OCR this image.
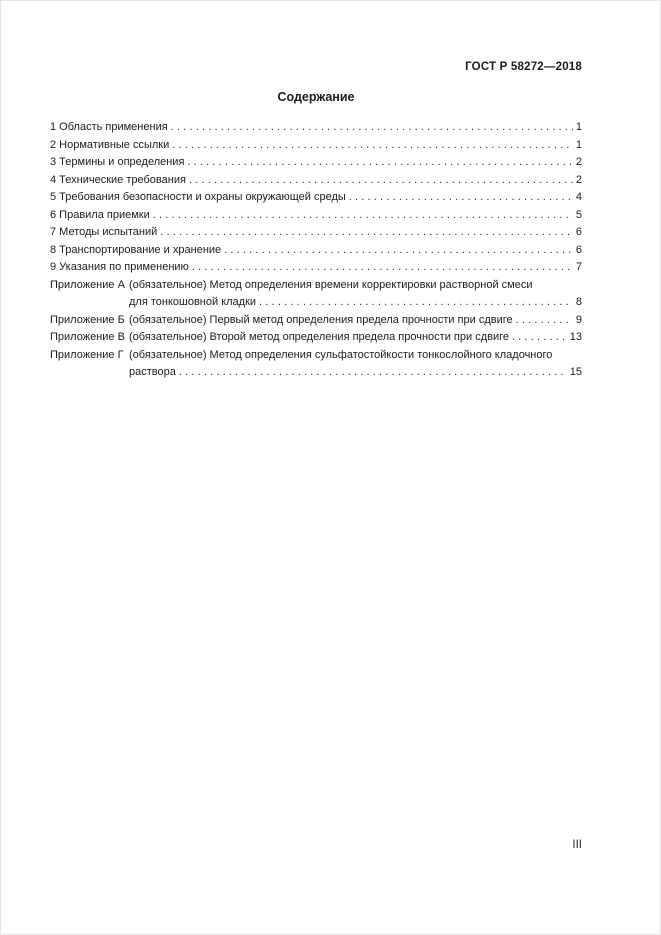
ГОСТ Р 58272—2018
Содержание
1 Область применения .....	1
2 Нормативные ссылки .....	1
3 Термины и определения .....	2
4 Технические требования .....	2
5 Требования безопасности и охраны окружающей среды .....	4
6 Правила приемки .....	5
7 Методы испытаний .....	6
8 Транспортирование и хранение .....	6
9 Указания по применению .....	7
Приложение А (обязательное) Метод определения времени корректировки растворной смеси
для тонкошовной кладки .....	8
Приложение Б (обязательное) Первый метод определения предела прочности при сдвиге .....	9
Приложение В (обязательное) Второй метод определения предела прочности при сдвиге .....	13
Приложение Г (обязательное) Метод определения сульфатостойкости тонкослойного кладочного
раствора .....	15
III
